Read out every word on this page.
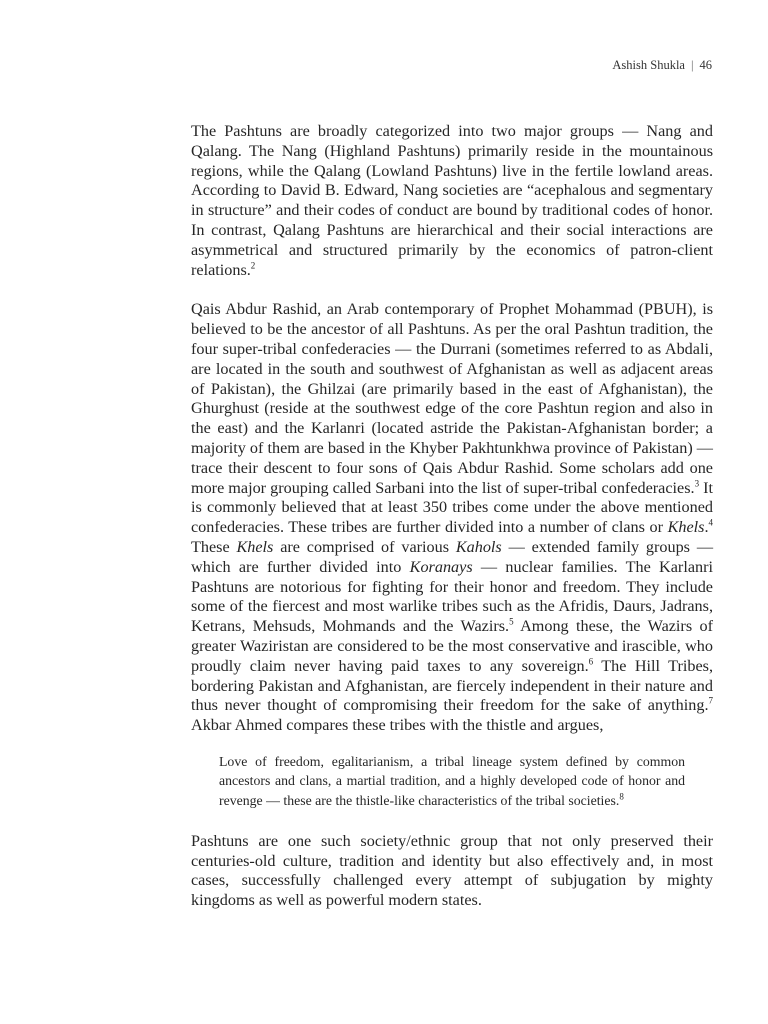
Ashish Shukla | 46

The Pashtuns are broadly categorized into two major groups — Nang and Qalang. The Nang (Highland Pashtuns) primarily reside in the mountainous regions, while the Qalang (Lowland Pashtuns) live in the fertile lowland areas. According to David B. Edward, Nang societies are “acephalous and segmentary in structure” and their codes of conduct are bound by traditional codes of honor. In contrast, Qalang Pashtuns are hierarchical and their social interactions are asymmetrical and structured primarily by the economics of patron-client relations.$^2$

Qais Abdur Rashid, an Arab contemporary of Prophet Mohammad (PBUH), is believed to be the ancestor of all Pashtuns. As per the oral Pashtun tradition, the four super-tribal confederacies — the Durrani (sometimes referred to as Abdali, are located in the south and southwest of Afghanistan as well as adjacent areas of Pakistan), the Ghilzai (are primarily based in the east of Afghanistan), the Ghurghust (reside at the southwest edge of the core Pashtun region and also in the east) and the Karlanri (located astride the Pakistan-Afghanistan border; a majority of them are based in the Khyber Pakhtunkhwa province of Pakistan) — trace their descent to four sons of Qais Abdur Rashid. Some scholars add one more major grouping called Sarbani into the list of super-tribal confederacies.$^3$ It is commonly believed that at least 350 tribes come under the above mentioned confederacies. These tribes are further divided into a number of clans or Khels.$^4$ These Khels are comprised of various Kahols — extended family groups — which are further divided into Koranays — nuclear families. The Karlanri Pashtuns are notorious for fighting for their honor and freedom. They include some of the fiercest and most warlike tribes such as the Afridis, Daurs, Jadrans, Ketrans, Mehsuds, Mohmands and the Wazirs.$^5$ Among these, the Wazirs of greater Waziristan are considered to be the most conservative and irascible, who proudly claim never having paid taxes to any sovereign.$^6$ The Hill Tribes, bordering Pakistan and Afghanistan, are fiercely independent in their nature and thus never thought of compromising their freedom for the sake of anything.$^7$ Akbar Ahmed compares these tribes with the thistle and argues,

Love of freedom, egalitarianism, a tribal lineage system defined by common ancestors and clans, a martial tradition, and a highly developed code of honor and revenge — these are the thistle-like characteristics of the tribal societies.$^8$

Pashtuns are one such society/ethnic group that not only preserved their centuries-old culture, tradition and identity but also effectively and, in most cases, successfully challenged every attempt of subjugation by mighty kingdoms as well as powerful modern states.
